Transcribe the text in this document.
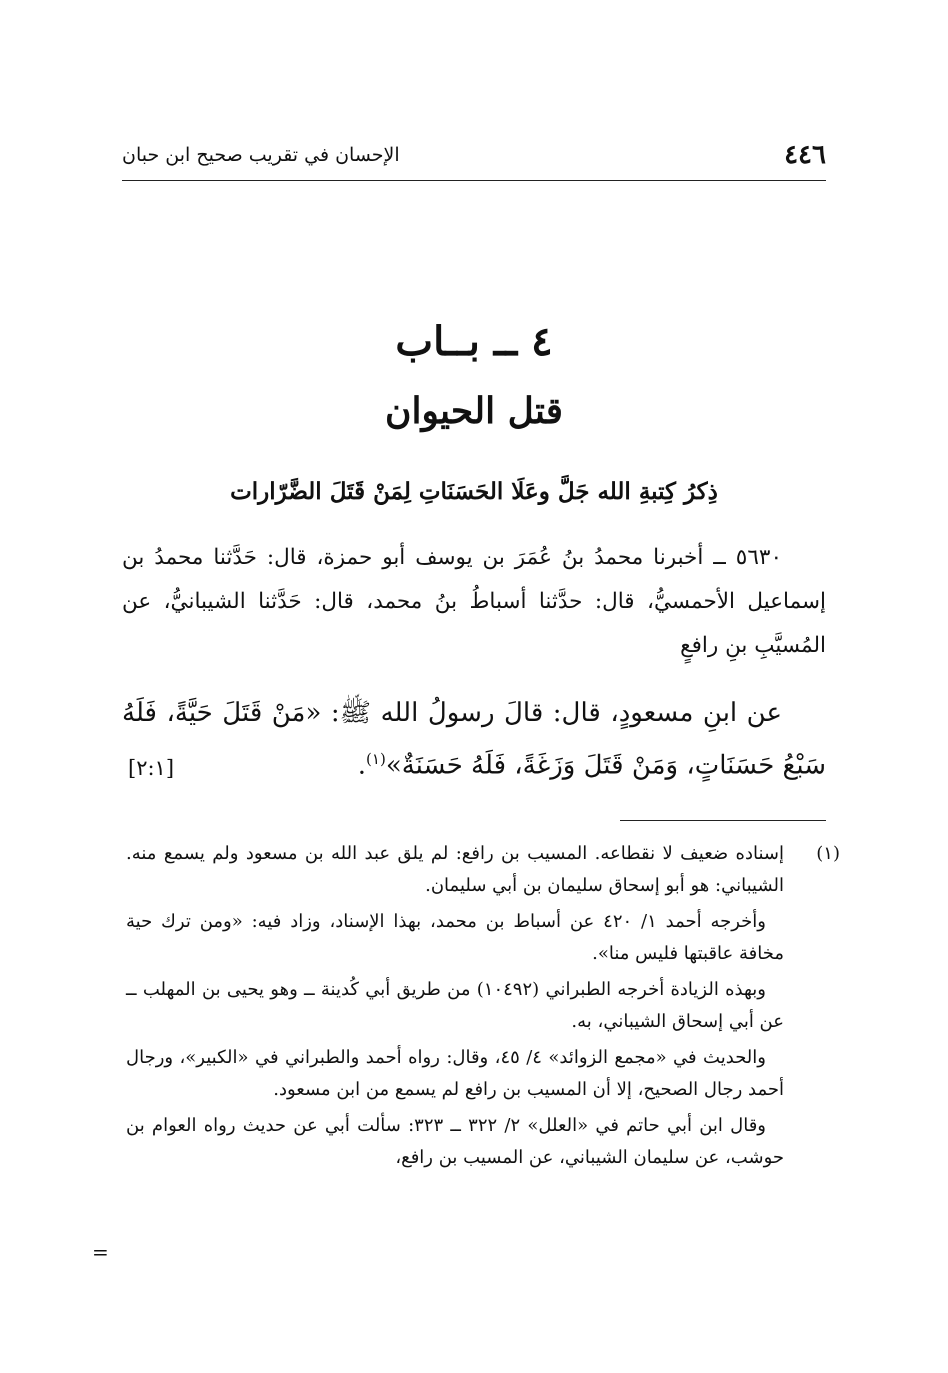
٤٤٦
الإحسان في تقريب صحيح ابن حبان
٤ ــ بــاب
قتل الحيوان
ذِكرُ كِتبةِ الله جَلَّ وعَلَا الحَسَنَاتِ لِمَنْ قَتَلَ الضَّرّارات
٥٦٣٠ ــ أخبرنا محمدُ بنُ عُمَرَ بن يوسف أبو حمزة، قال: حَدَّثنا محمدُ بن إسماعيل الأحمسيُّ، قال: حدَّثنا أسباطُ بنُ محمد، قال: حَدَّثنا الشيبانيُّ، عن المُسيَّبِ بنِ رافعٍ
عن ابنِ مسعودٍ، قال: قالَ رسولُ الله ﷺ: «مَنْ قَتَلَ حَيَّةً، فَلَهُ سَبْعُ حَسَنَاتٍ، وَمَنْ قَتَلَ وَزَغَةً، فَلَهُ حَسَنَةٌ»$^{(١)}$.
[٢:١]
(١)

إسناده ضعيف لا نقطاعه. المسيب بن رافع: لم يلق عبد الله بن مسعود ولم يسمع منه. الشيباني: هو أبو إسحاق سليمان بن أبي سليمان.

وأخرجه أحمد ١/ ٤٢٠ عن أسباط بن محمد، بهذا الإسناد، وزاد فيه: «ومن ترك حية مخافة عاقبتها فليس منا».

وبهذه الزيادة أخرجه الطبراني (١٠٤٩٢) من طريق أبي كُدينة ــ وهو يحيى بن المهلب ــ عن أبي إسحاق الشيباني، به.

والحديث في «مجمع الزوائد» ٤/ ٤٥، وقال: رواه أحمد والطبراني في «الكبير»، ورجال أحمد رجال الصحيح، إلا أن المسيب بن رافع لم يسمع من ابن مسعود.

وقال ابن أبي حاتم في «العلل» ٢/ ٣٢٢ ــ ٣٢٣: سألت أبي عن حديث رواه العوام بن حوشب، عن سليمان الشيباني، عن المسيب بن رافع،

=
